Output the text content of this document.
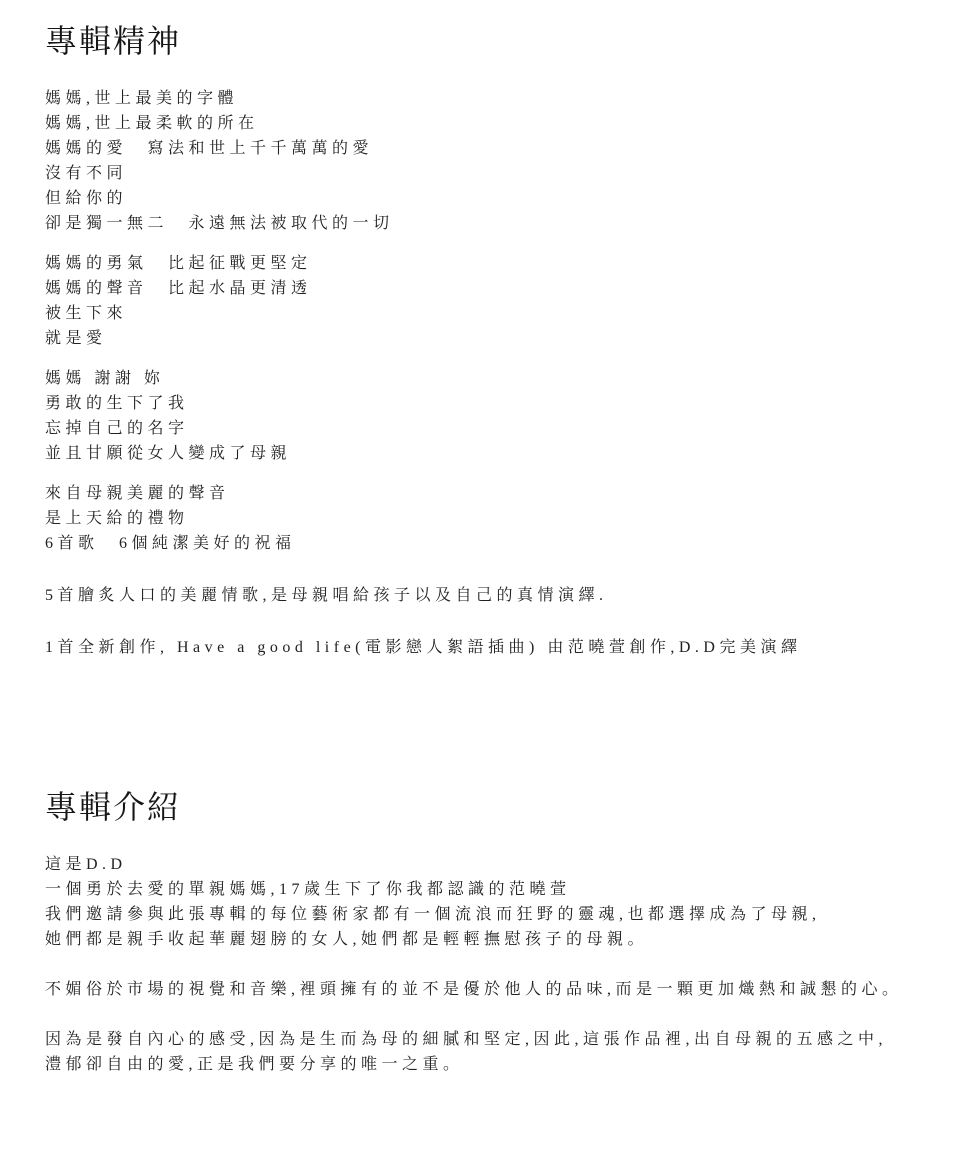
專輯精神
媽媽,世上最美的字體
媽媽,世上最柔軟的所在
媽媽的愛　寫法和世上千千萬萬的愛
沒有不同
但給你的
卻是獨一無二　永遠無法被取代的一切
媽媽的勇氣　比起征戰更堅定
媽媽的聲音　比起水晶更清透
被生下來
就是愛
媽媽 謝謝 妳
勇敢的生下了我
忘掉自己的名字
並且甘願從女人變成了母親
來自母親美麗的聲音
是上天給的禮物
6首歌　6個純潔美好的祝福
5首膾炙人口的美麗情歌,是母親唱給孩子以及自己的真情演繹.
1首全新創作, Have a good life(電影戀人絮語插曲) 由范曉萱創作,D.D完美演繹
專輯介紹
這是D.D
一個勇於去愛的單親媽媽,17歲生下了你我都認識的范曉萱
我們邀請參與此張專輯的每位藝術家都有一個流浪而狂野的靈魂,也都選擇成為了母親,
她們都是親手收起華麗翅膀的女人,她們都是輕輕撫慰孩子的母親。
不媚俗於市場的視覺和音樂,裡頭擁有的並不是優於他人的品味,而是一顆更加熾熱和誠懇的心。
因為是發自內心的感受,因為是生而為母的細膩和堅定,因此,這張作品裡,出自母親的五感之中,
澧郁卻自由的愛,正是我們要分享的唯一之重。
